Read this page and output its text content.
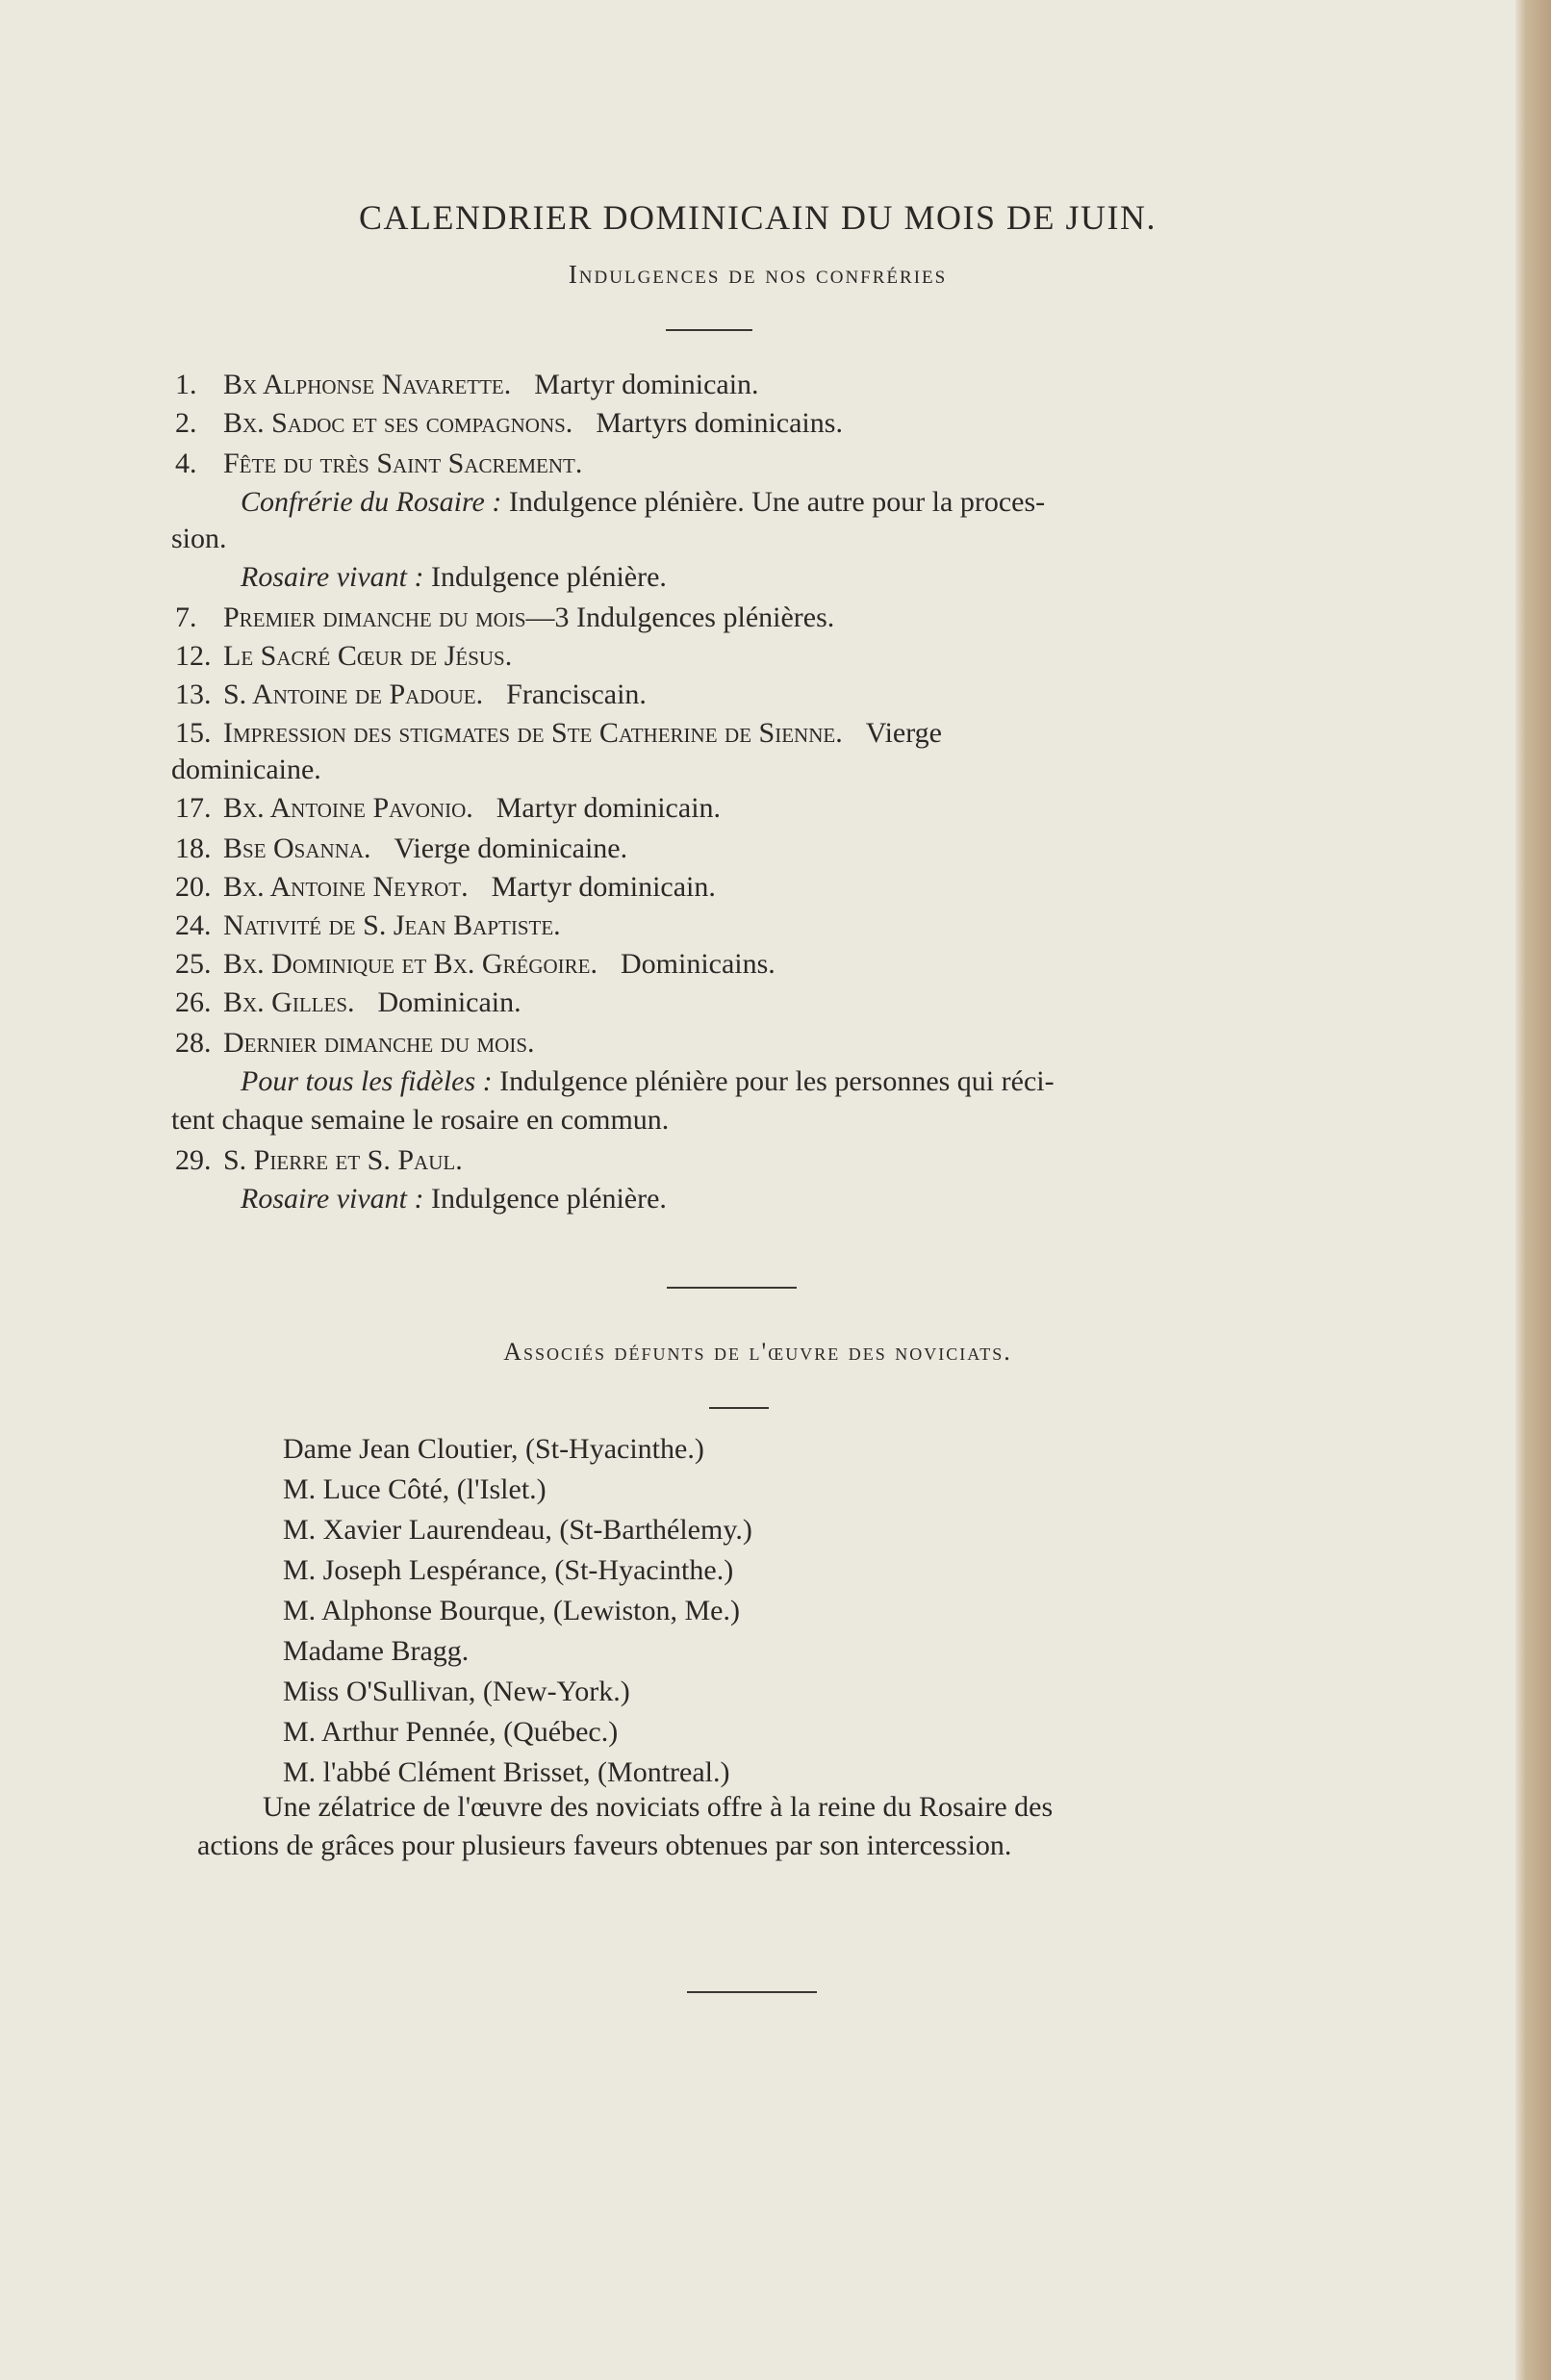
CALENDRIER DOMINICAIN DU MOIS DE JUIN.
Indulgences de nos confréries
1. Bx Alphonse Navarette. Martyr dominicain.
2. Bx. Sadoc et ses compagnons. Martyrs dominicains.
4. Fête du très Saint Sacrement.
Confrérie du Rosaire : Indulgence plénière. Une autre pour la proces-
sion.
Rosaire vivant : Indulgence plénière.
7. Premier dimanche du mois—3 Indulgences plénières.
12. Le Sacré Cœur de Jésus.
13. S. Antoine de Padoue. Franciscain.
15. Impression des stigmates de Ste Catherine de Sienne. Vierge
dominicaine.
17. Bx. Antoine Pavonio. Martyr dominicain.
18. Bse Osanna. Vierge dominicaine.
20. Bx. Antoine Neyrot. Martyr dominicain.
24. Nativité de S. Jean Baptiste.
25. Bx. Dominique et Bx. Grégoire. Dominicains.
26. Bx. Gilles. Dominicain.
28. Dernier dimanche du mois.
Pour tous les fidèles : Indulgence plénière pour les personnes qui réci-
tent chaque semaine le rosaire en commun.
29. S. Pierre et S. Paul.
Rosaire vivant : Indulgence plénière.
Associés défunts de l'œuvre des noviciats.
Dame Jean Cloutier, (St-Hyacinthe.)
M. Luce Côté, (l'Islet.)
M. Xavier Laurendeau, (St-Barthélemy.)
M. Joseph Lespérance, (St-Hyacinthe.)
M. Alphonse Bourque, (Lewiston, Me.)
Madame Bragg.
Miss O'Sullivan, (New-York.)
M. Arthur Pennée, (Québec.)
M. l'abbé Clément Brisset, (Montreal.)
Une zélatrice de l'œuvre des noviciats offre à la reine du Rosaire des
actions de grâces pour plusieurs faveurs obtenues par son intercession.
